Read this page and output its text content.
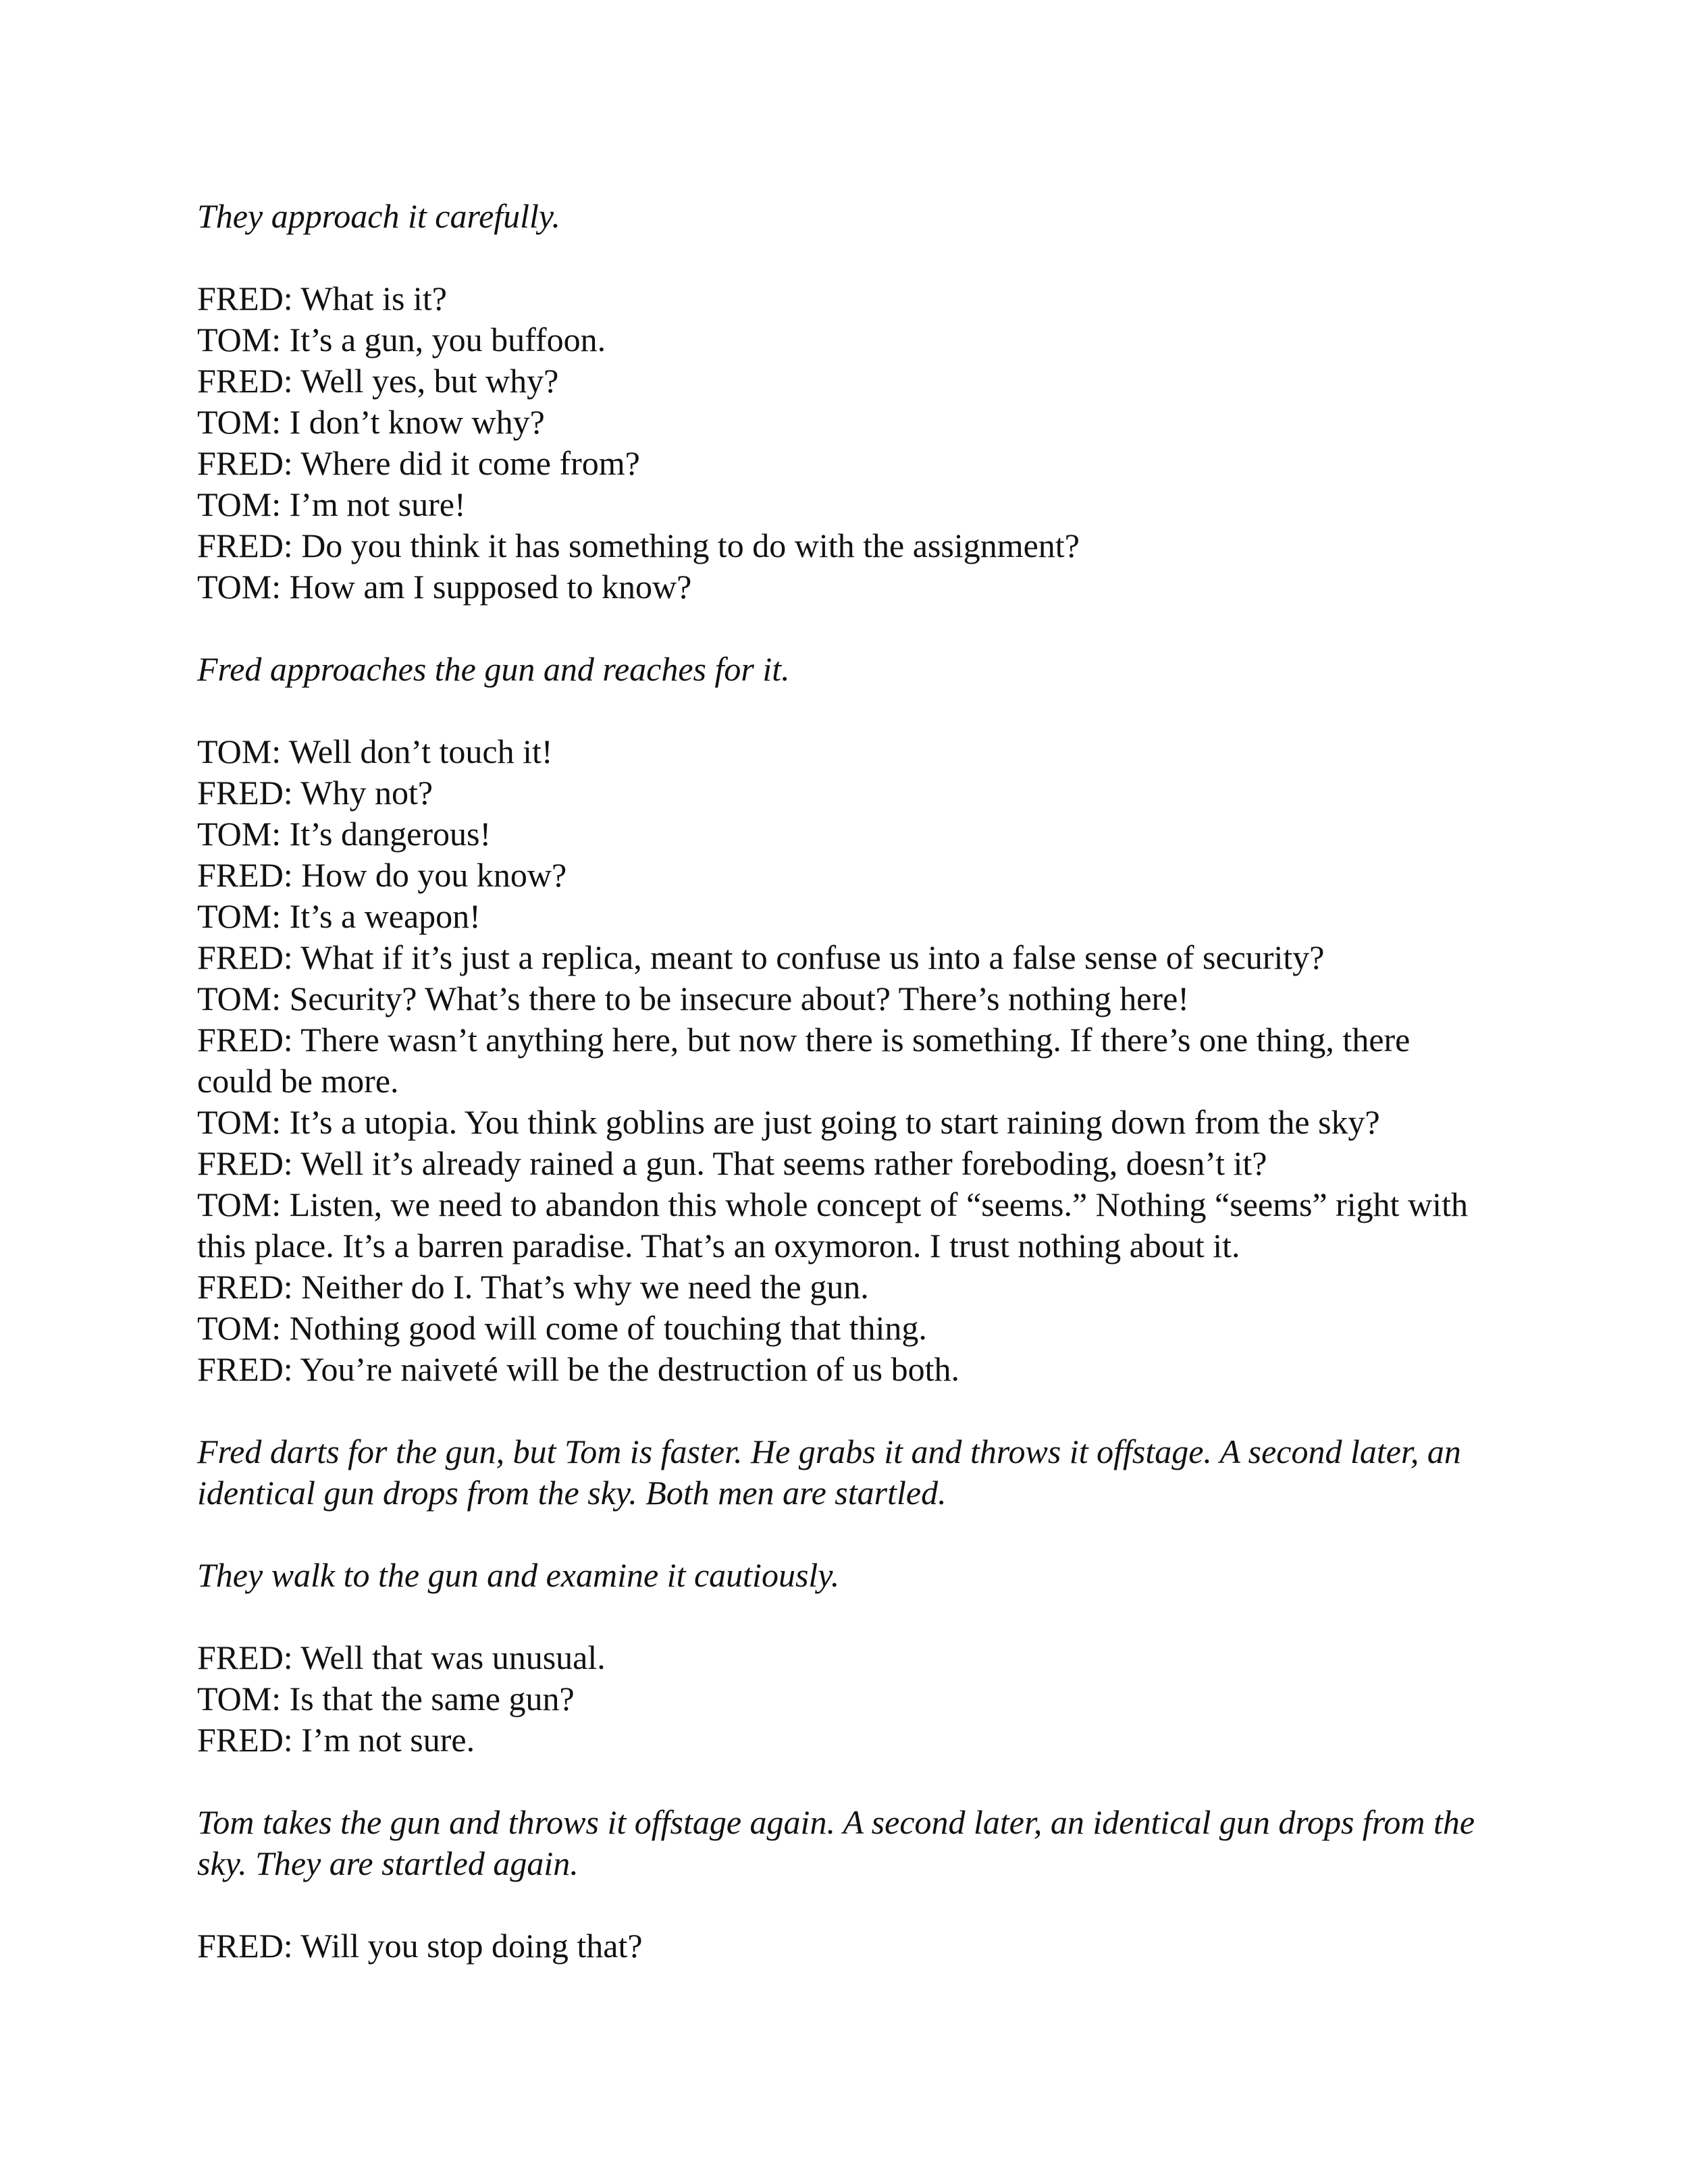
They approach it carefully.
FRED: What is it?
TOM: It’s a gun, you buffoon.
FRED: Well yes, but why?
TOM: I don’t know why?
FRED: Where did it come from?
TOM: I’m not sure!
FRED: Do you think it has something to do with the assignment?
TOM: How am I supposed to know?
Fred approaches the gun and reaches for it.
TOM: Well don’t touch it!
FRED: Why not?
TOM: It’s dangerous!
FRED: How do you know?
TOM: It’s a weapon!
FRED: What if it’s just a replica, meant to confuse us into a false sense of security?
TOM: Security? What’s there to be insecure about? There’s nothing here!
FRED: There wasn’t anything here, but now there is something. If there’s one thing, there could be more.
TOM: It’s a utopia. You think goblins are just going to start raining down from the sky?
FRED: Well it’s already rained a gun. That seems rather foreboding, doesn’t it?
TOM: Listen, we need to abandon this whole concept of “seems.” Nothing “seems” right with this place. It’s a barren paradise. That’s an oxymoron. I trust nothing about it.
FRED: Neither do I. That’s why we need the gun.
TOM: Nothing good will come of touching that thing.
FRED: You’re naiveté will be the destruction of us both.
Fred darts for the gun, but Tom is faster. He grabs it and throws it offstage. A second later, an identical gun drops from the sky. Both men are startled.
They walk to the gun and examine it cautiously.
FRED: Well that was unusual.
TOM: Is that the same gun?
FRED: I’m not sure.
Tom takes the gun and throws it offstage again. A second later, an identical gun drops from the sky. They are startled again.
FRED: Will you stop doing that?
